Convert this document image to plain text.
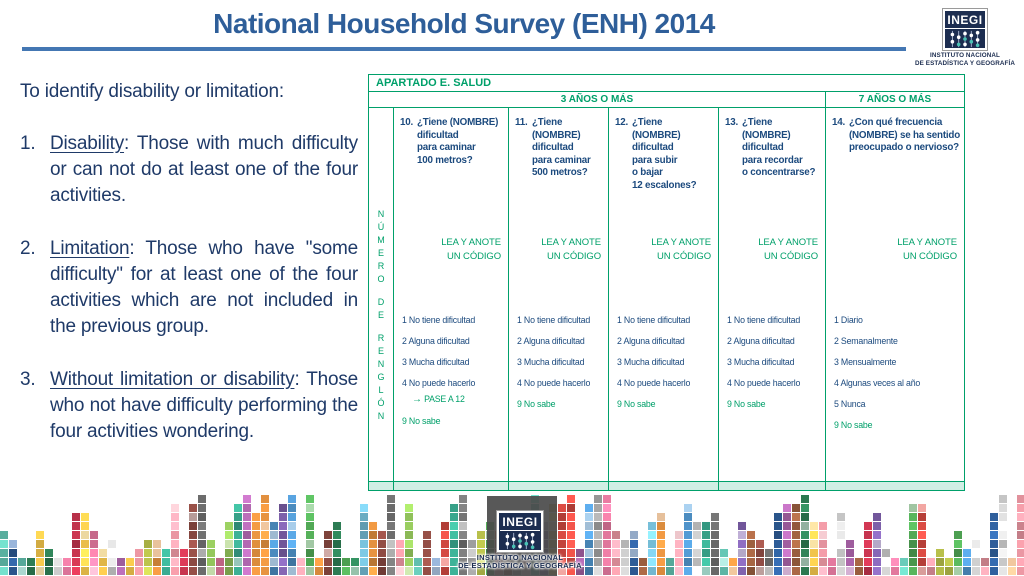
National Household Survey (ENH) 2014	INEGI
INSTITUTO NACIONAL
DE ESTADÍSTICA Y GEOGRAFÍA

To identify disability or limitation:

1. Disability: Those with much difficulty or can not do at least one of the four activities.

2. Limitation: Those who have "some difficulty" for at least one of the four activities which are not included in the previous group.

3. Without limitation or disability: Those who not have difficulty performing the four activities wondering.

APARTADO E. SALUD
3 AÑOS O MÁS	7 AÑOS O MÁS
N
Ú
M
E
R
O
D
E
R
E
N
G
L
Ó
N
10. ¿Tiene (NOMBRE)
dificultad
para caminar
100 metros?
LEA Y ANOTE
UN CÓDIGO
1 No tiene dificultad
2 Alguna dificultad
3 Mucha dificultad
4 No puede hacerlo
→ PASE A 12
9 No sabe
11. ¿Tiene
(NOMBRE)
dificultad
para caminar
500 metros?
LEA Y ANOTE
UN CÓDIGO
1 No tiene dificultad
2 Alguna dificultad
3 Mucha dificultad
4 No puede hacerlo
9 No sabe
12. ¿Tiene
(NOMBRE)
dificultad
para subir
o bajar
12 escalones?
LEA Y ANOTE
UN CÓDIGO
1 No tiene dificultad
2 Alguna dificultad
3 Mucha dificultad
4 No puede hacerlo
9 No sabe
13. ¿Tiene
(NOMBRE)
dificultad
para recordar
o concentrarse?
LEA Y ANOTE
UN CÓDIGO
1 No tiene dificultad
2 Alguna dificultad
3 Mucha dificultad
4 No puede hacerlo
9 No sabe
14. ¿Con qué frecuencia
(NOMBRE) se ha sentido
preocupado o nervioso?
LEA Y ANOTE
UN CÓDIGO
1 Diario
2 Semanalmente
3 Mensualmente
4 Algunas veces al año
5 Nunca
9 No sabe
INEGI
INSTITUTO NACIONAL
DE ESTADÍSTICA Y GEOGRAFÍA
